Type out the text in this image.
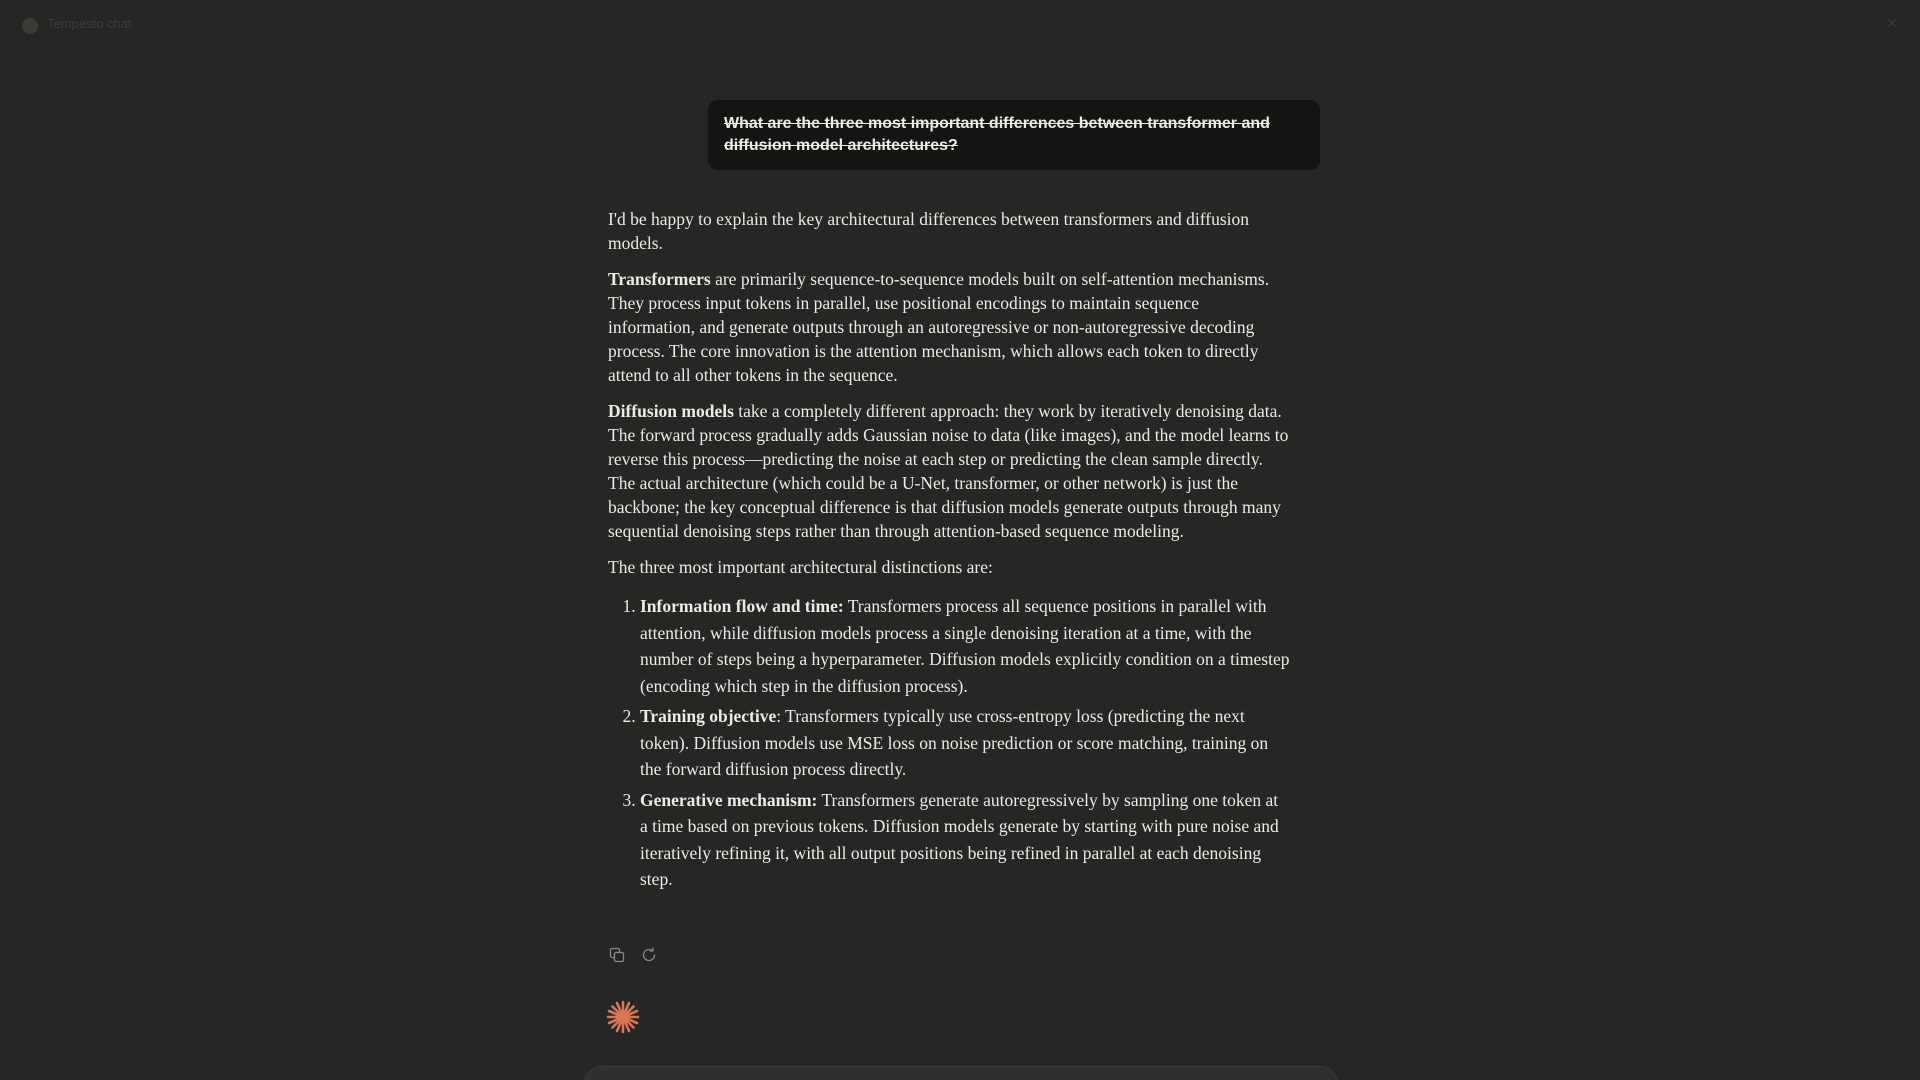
Tempesto chat	✕
What are the three most important differences between transformer and diffusion model architectures?

I'd be happy to explain the key architectural differences between transformers and diffusion models.

Transformers are primarily sequence-to-sequence models built on self-attention mechanisms. They process input tokens in parallel, use positional encodings to maintain sequence information, and generate outputs through an autoregressive or non-autoregressive decoding process. The core innovation is the attention mechanism, which allows each token to directly attend to all other tokens in the sequence.

Diffusion models take a completely different approach: they work by iteratively denoising data. The forward process gradually adds Gaussian noise to data (like images), and the model learns to reverse this process—predicting the noise at each step or predicting the clean sample directly. The actual architecture (which could be a U-Net, transformer, or other network) is just the backbone; the key conceptual difference is that diffusion models generate outputs through many sequential denoising steps rather than through attention-based sequence modeling.

The three most important architectural distinctions are:

1. Information flow and time: Transformers process all sequence positions in parallel with attention, while diffusion models process a single denoising iteration at a time, with the number of steps being a hyperparameter. Diffusion models explicitly condition on a timestep (encoding which step in the diffusion process).
2. Training objective: Transformers typically use cross-entropy loss (predicting the next token). Diffusion models use MSE loss on noise prediction or score matching, training on the forward diffusion process directly.
3. Generative mechanism: Transformers generate autoregressively by sampling one token at a time based on previous tokens. Diffusion models generate by starting with pure noise and iteratively refining it, with all output positions being refined in parallel at each denoising step.
